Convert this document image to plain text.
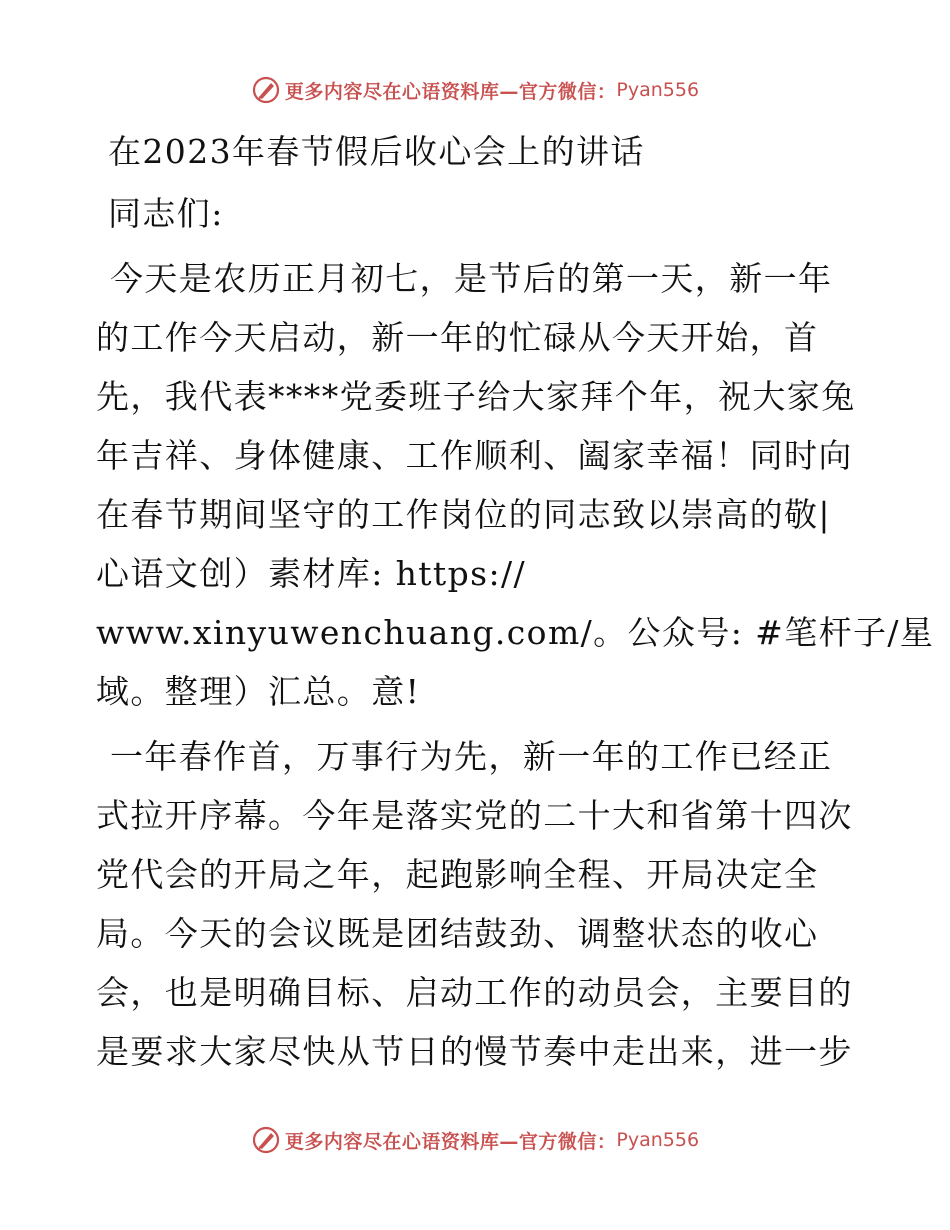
更多内容尽在心语资料库—官方微信： Pyan556
在2023年春节假后收心会上的讲话
同志们:
今天是农历正月初七，是节后的第一天，新一年
的工作今天启动，新一年的忙碌从今天开始，首
先，我代表****党委班子给大家拜个年，祝大家兔
年吉祥、身体健康、工作顺利、阖家幸福！同时向
在春节期间坚守的工作岗位的同志致以崇高的敬|
心语文创）素材库: https://
www.xinyuwenchuang.com/。公众号: #笔杆子/星
域。整理）汇总。意!
一年春作首，万事行为先，新一年的工作已经正
式拉开序幕。今年是落实党的二十大和省第十四次
党代会的开局之年，起跑影响全程、开局决定全
局。今天的会议既是团结鼓劲、调整状态的收心
会，也是明确目标、启动工作的动员会，主要目的
是要求大家尽快从节日的慢节奏中走出来，进一步
更多内容尽在心语资料库—官方微信： Pyan556
